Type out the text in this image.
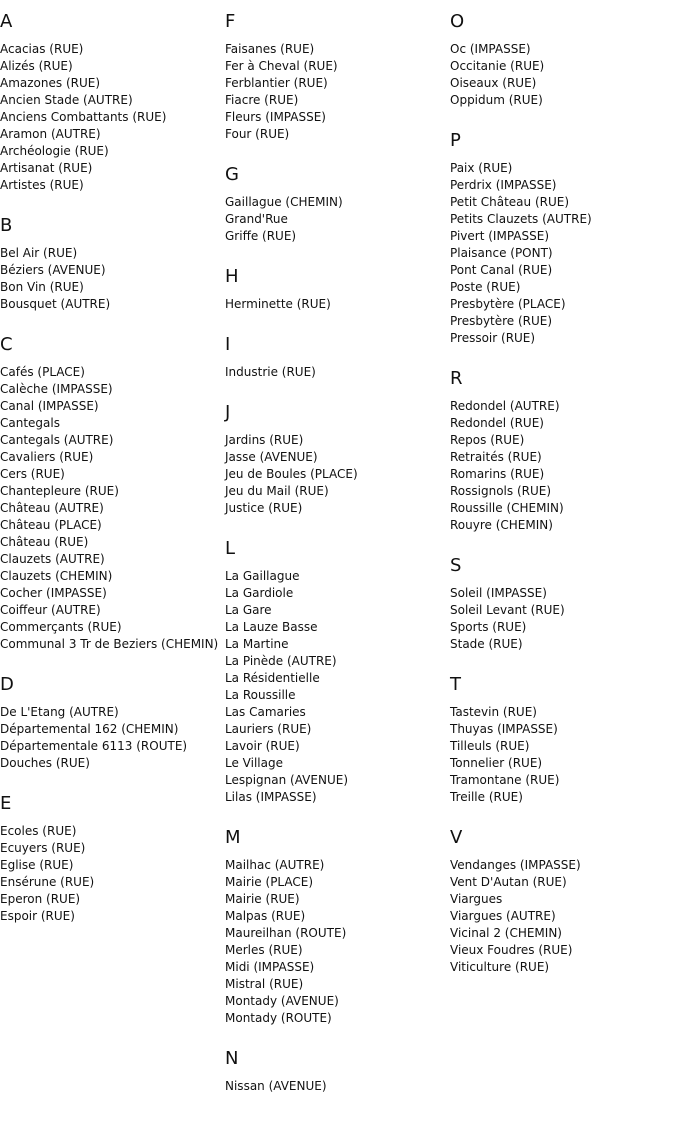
A
Acacias (RUE)
Alizés (RUE)
Amazones (RUE)
Ancien Stade (AUTRE)
Anciens Combattants (RUE)
Aramon (AUTRE)
Archéologie (RUE)
Artisanat (RUE)
Artistes (RUE)
B
Bel Air (RUE)
Béziers (AVENUE)
Bon Vin (RUE)
Bousquet (AUTRE)
C
Cafés (PLACE)
Calèche (IMPASSE)
Canal (IMPASSE)
Cantegals
Cantegals (AUTRE)
Cavaliers (RUE)
Cers (RUE)
Chantepleure (RUE)
Château (AUTRE)
Château (PLACE)
Château (RUE)
Clauzets (AUTRE)
Clauzets (CHEMIN)
Cocher (IMPASSE)
Coiffeur (AUTRE)
Commerçants (RUE)
Communal 3 Tr de Beziers (CHEMIN)
D
De L'Etang (AUTRE)
Départemental 162 (CHEMIN)
Départementale 6113 (ROUTE)
Douches (RUE)
E
Ecoles (RUE)
Ecuyers (RUE)
Eglise (RUE)
Ensérune (RUE)
Eperon (RUE)
Espoir (RUE)
F
Faisanes (RUE)
Fer à Cheval (RUE)
Ferblantier (RUE)
Fiacre (RUE)
Fleurs (IMPASSE)
Four (RUE)
G
Gaillague (CHEMIN)
Grand'Rue
Griffe (RUE)
H
Herminette (RUE)
I
Industrie (RUE)
J
Jardins (RUE)
Jasse (AVENUE)
Jeu de Boules (PLACE)
Jeu du Mail (RUE)
Justice (RUE)
L
La Gaillague
La Gardiole
La Gare
La Lauze Basse
La Martine
La Pinède (AUTRE)
La Résidentielle
La Roussille
Las Camaries
Lauriers (RUE)
Lavoir (RUE)
Le Village
Lespignan (AVENUE)
Lilas (IMPASSE)
M
Mailhac (AUTRE)
Mairie (PLACE)
Mairie (RUE)
Malpas (RUE)
Maureilhan (ROUTE)
Merles (RUE)
Midi (IMPASSE)
Mistral (RUE)
Montady (AVENUE)
Montady (ROUTE)
N
Nissan (AVENUE)
O
Oc (IMPASSE)
Occitanie (RUE)
Oiseaux (RUE)
Oppidum (RUE)
P
Paix (RUE)
Perdrix (IMPASSE)
Petit Château (RUE)
Petits Clauzets (AUTRE)
Pivert (IMPASSE)
Plaisance (PONT)
Pont Canal (RUE)
Poste (RUE)
Presbytère (PLACE)
Presbytère (RUE)
Pressoir (RUE)
R
Redondel (AUTRE)
Redondel (RUE)
Repos (RUE)
Retraités (RUE)
Romarins (RUE)
Rossignols (RUE)
Roussille (CHEMIN)
Rouyre (CHEMIN)
S
Soleil (IMPASSE)
Soleil Levant (RUE)
Sports (RUE)
Stade (RUE)
T
Tastevin (RUE)
Thuyas (IMPASSE)
Tilleuls (RUE)
Tonnelier (RUE)
Tramontane (RUE)
Treille (RUE)
V
Vendanges (IMPASSE)
Vent D'Autan (RUE)
Viargues
Viargues (AUTRE)
Vicinal 2 (CHEMIN)
Vieux Foudres (RUE)
Viticulture (RUE)
